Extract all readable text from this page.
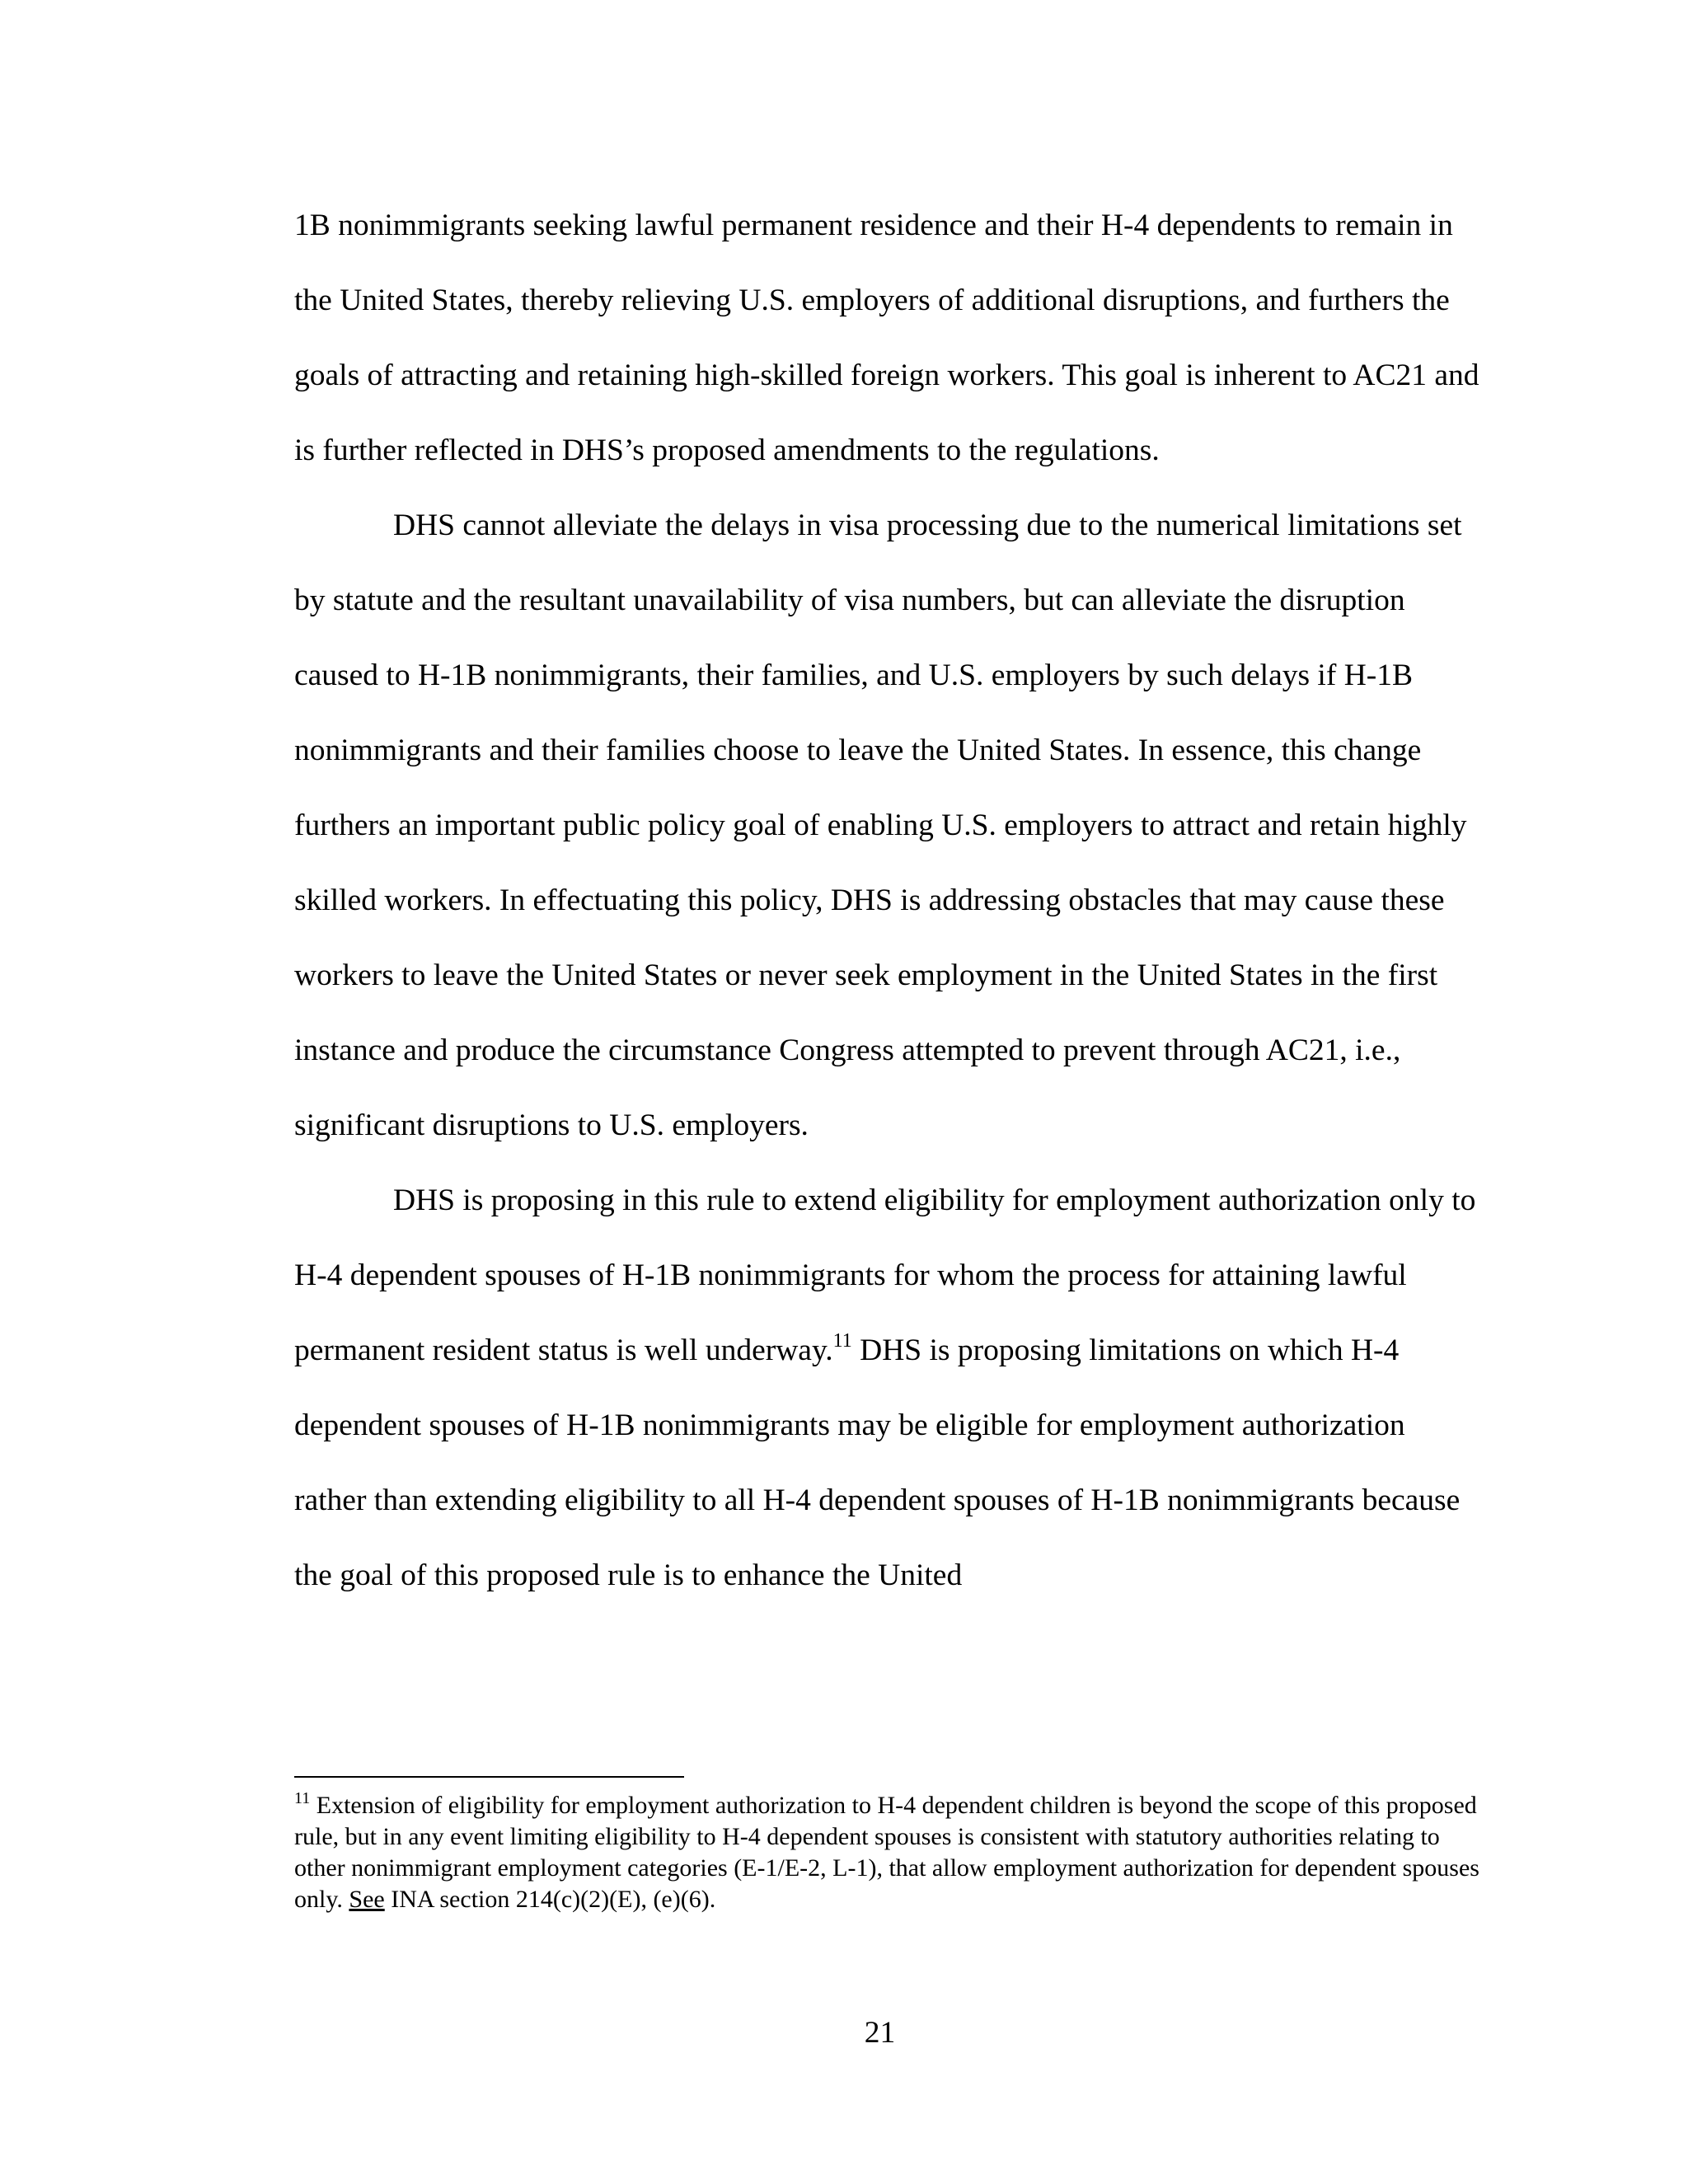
1B nonimmigrants seeking lawful permanent residence and their H-4 dependents to remain in the United States, thereby relieving U.S. employers of additional disruptions, and furthers the goals of attracting and retaining high-skilled foreign workers. This goal is inherent to AC21 and is further reflected in DHS’s proposed amendments to the regulations.

DHS cannot alleviate the delays in visa processing due to the numerical limitations set by statute and the resultant unavailability of visa numbers, but can alleviate the disruption caused to H-1B nonimmigrants, their families, and U.S. employers by such delays if H-1B nonimmigrants and their families choose to leave the United States. In essence, this change furthers an important public policy goal of enabling U.S. employers to attract and retain highly skilled workers. In effectuating this policy, DHS is addressing obstacles that may cause these workers to leave the United States or never seek employment in the United States in the first instance and produce the circumstance Congress attempted to prevent through AC21, i.e., significant disruptions to U.S. employers.

DHS is proposing in this rule to extend eligibility for employment authorization only to H-4 dependent spouses of H-1B nonimmigrants for whom the process for attaining lawful permanent resident status is well underway.$^{11}$ DHS is proposing limitations on which H-4 dependent spouses of H-1B nonimmigrants may be eligible for employment authorization rather than extending eligibility to all H-4 dependent spouses of H-1B nonimmigrants because the goal of this proposed rule is to enhance the United

$^{11}$ Extension of eligibility for employment authorization to H-4 dependent children is beyond the scope of this proposed rule, but in any event limiting eligibility to H-4 dependent spouses is consistent with statutory authorities relating to other nonimmigrant employment categories (E-1/E-2, L-1), that allow employment authorization for dependent spouses only. See INA section 214(c)(2)(E), (e)(6).

21
